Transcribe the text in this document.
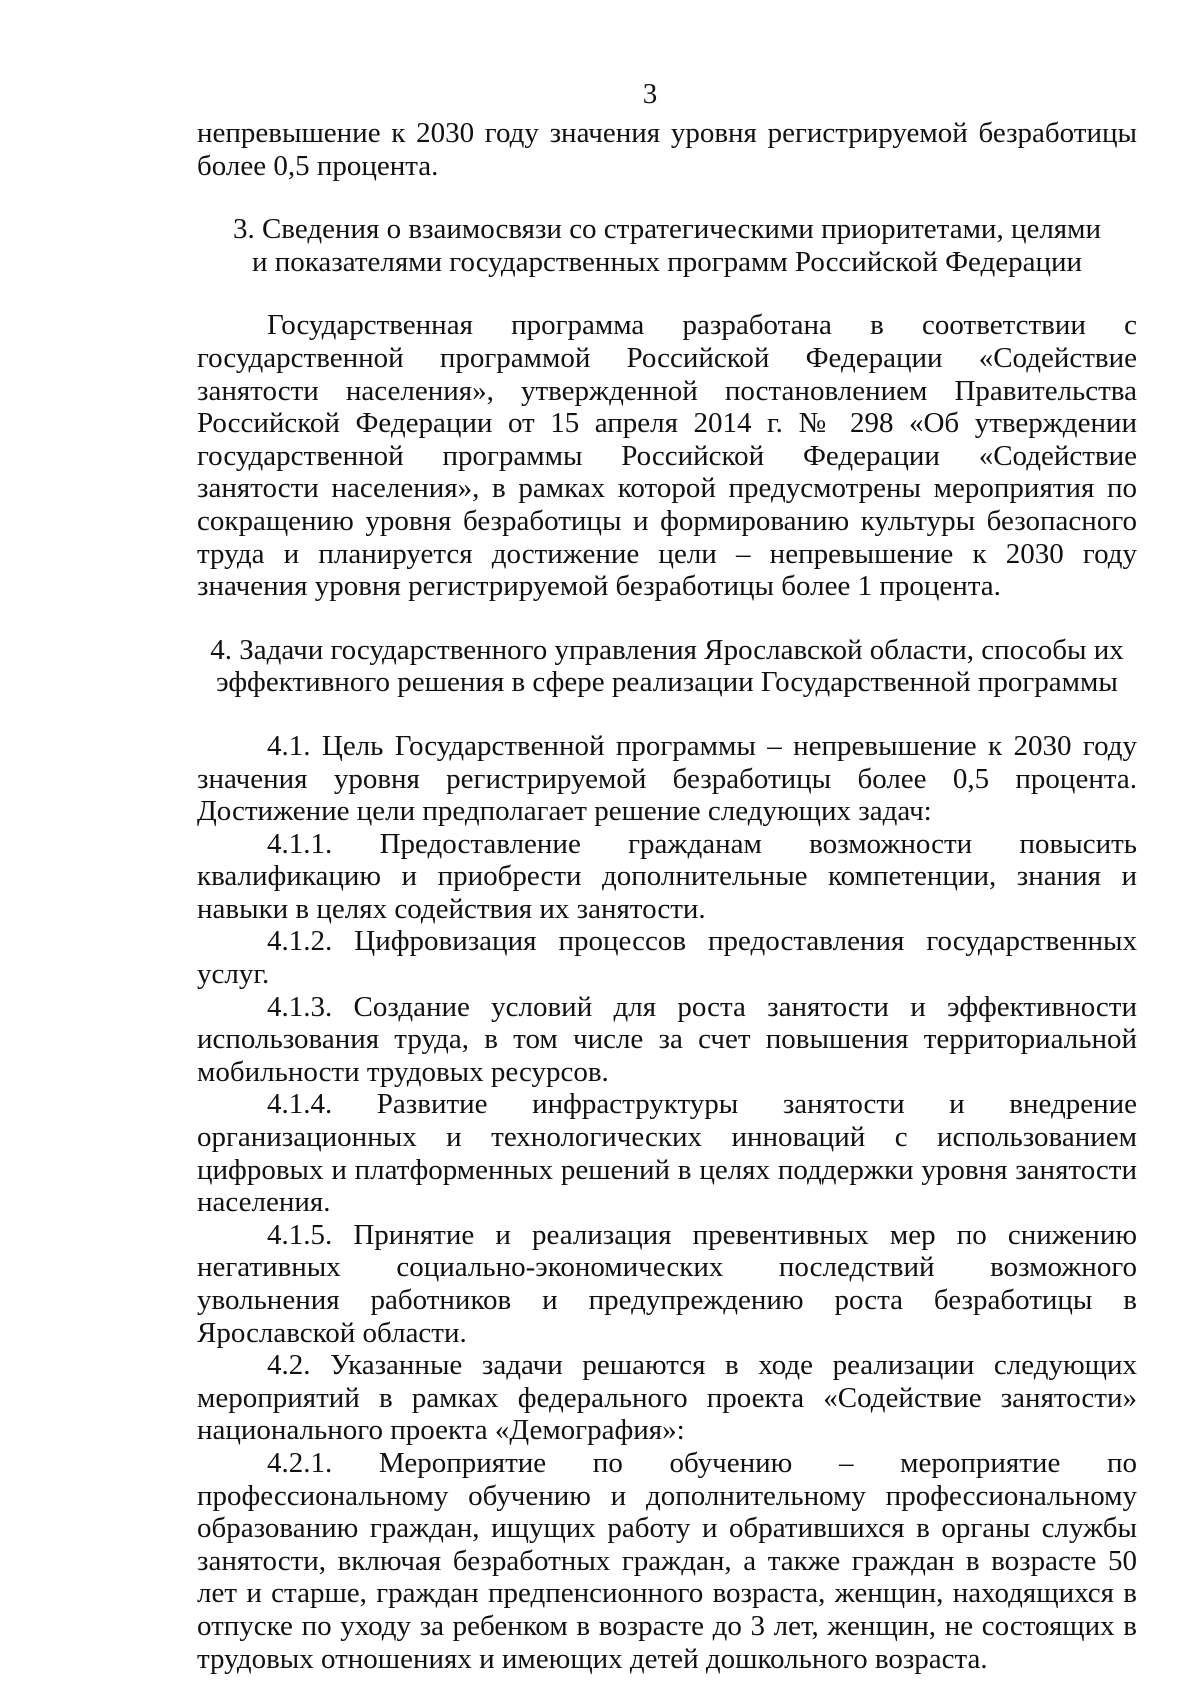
3

непревышение к 2030 году значения уровня регистрируемой безработицы более 0,5 процента.

3. Сведения о взаимосвязи со стратегическими приоритетами, целями

и показателями государственных программ Российской Федерации

Государственная программа разработана в соответствии с государственной программой Российской Федерации «Содействие занятости населения», утвержденной постановлением Правительства Российской Федерации от 15 апреля 2014 г. № 298 «Об утверждении государственной программы Российской Федерации «Содействие занятости населения», в рамках которой предусмотрены мероприятия по сокращению уровня безработицы и формированию культуры безопасного труда и планируется достижение цели – непревышение к 2030 году значения уровня регистрируемой безработицы более 1 процента.

4. Задачи государственного управления Ярославской области, способы их

эффективного решения в сфере реализации Государственной программы

4.1. Цель Государственной программы – непревышение к 2030 году значения уровня регистрируемой безработицы более 0,5 процента. Достижение цели предполагает решение следующих задач:

4.1.1. Предоставление гражданам возможности повысить квалификацию и приобрести дополнительные компетенции, знания и навыки в целях содействия их занятости.

4.1.2. Цифровизация процессов предоставления государственных услуг.

4.1.3. Создание условий для роста занятости и эффективности использования труда, в том числе за счет повышения территориальной мобильности трудовых ресурсов.

4.1.4. Развитие инфраструктуры занятости и внедрение организационных и технологических инноваций с использованием цифровых и платформенных решений в целях поддержки уровня занятости населения.

4.1.5. Принятие и реализация превентивных мер по снижению негативных социально-экономических последствий возможного увольнения работников и предупреждению роста безработицы в Ярославской области.

4.2. Указанные задачи решаются в ходе реализации следующих мероприятий в рамках федерального проекта «Содействие занятости» национального проекта «Демография»:

4.2.1. Мероприятие по обучению – мероприятие по профессиональному обучению и дополнительному профессиональному образованию граждан, ищущих работу и обратившихся в органы службы занятости, включая безработных граждан, а также граждан в возрасте 50 лет и старше, граждан предпенсионного возраста, женщин, находящихся в отпуске по уходу за ребенком в возрасте до 3 лет, женщин, не состоящих в трудовых отношениях и имеющих детей дошкольного возраста.
